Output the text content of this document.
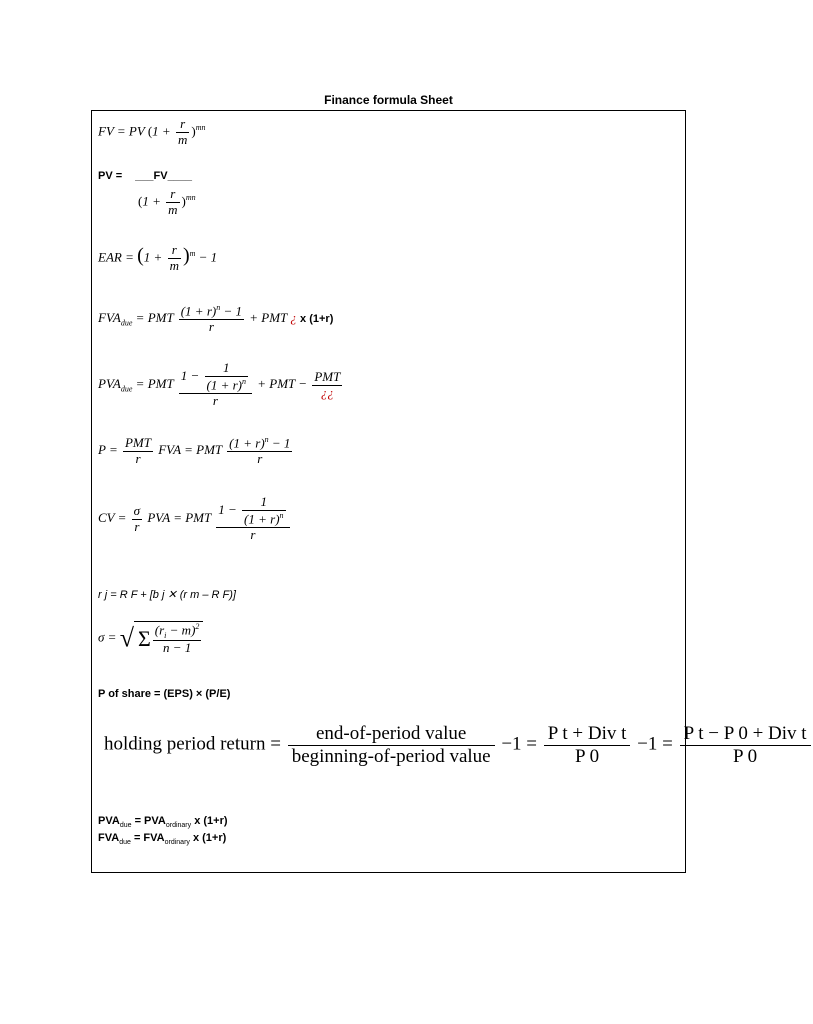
Finance formula Sheet
FV = PV $(1 + \frac{r}{m} )^{mn}$
PV = ___FV____
$(1 + \frac{r}{m} )^{mn}$
EAR = $(1 + \frac{r}{m} )^m - 1$
$FVA_{due}$ = PMT $\frac{(1 + r)^n - 1}{r}$ + PMT ¿ x (1+r)
$PVA_{due}$ = PMT $\frac{1 - \frac{1}{(1 + r)^n}}{r}$ + PMT − $\frac{\text{PMT}}{¿¿}$
$P = \frac{\text{PMT}}{r}$ FVA = PMT $\frac{(1 + r)^n - 1}{r}$
CV = $\frac{\sigma}{r}$ PVA = PMT $\frac{1 - \frac{1}{(1 + r)^n}}{r}$
r j = R F + [b j ✕ (r m – R F)]
σ = √ Σ $\frac{(r_i - m)^2}{n - 1}$
P of share = (EPS) × (P/E)
holding period return = $\frac{\text{end-of-period value}}{\text{beginning-of-period value}} -1 = \frac{\text{P t + Div t}}{P 0} -1 = \frac{\text{P t − P 0 + Div t}}{P 0}$
$PVA_{due} = PVA_{ordinary}$ x (1+r)
$FVA_{due} = FVA_{ordinary}$ x (1+r)
